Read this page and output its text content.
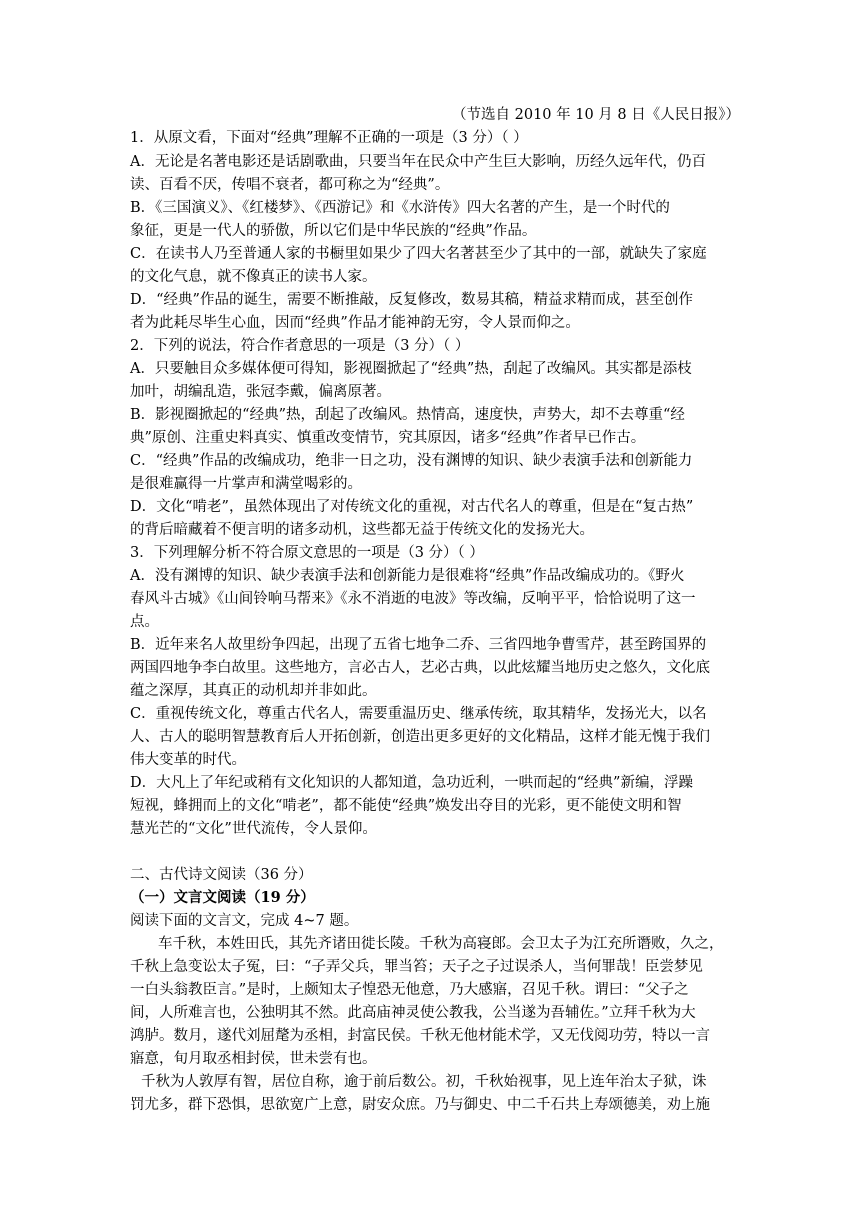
（节选自 2010 年 10 月 8 日《人民日报》）
1．从原文看，下面对“经典”理解不正确的一项是（3 分）（ ）
A．无论是名著电影还是话剧歌曲，只要当年在民众中产生巨大影响，历经久远年代，仍百
读、百看不厌，传唱不衰者，都可称之为“经典”。
B．《三国演义》、《红楼梦》、《西游记》和《水浒传》四大名著的产生，是一个时代的
象征，更是一代人的骄傲，所以它们是中华民族的“经典”作品。
C．在读书人乃至普通人家的书橱里如果少了四大名著甚至少了其中的一部，就缺失了家庭
的文化气息，就不像真正的读书人家。
D．“经典”作品的诞生，需要不断推敲，反复修改，数易其稿，精益求精而成，甚至创作
者为此耗尽毕生心血，因而“经典”作品才能神韵无穷，令人景而仰之。
2．下列的说法，符合作者意思的一项是（3 分）（ ）
A．只要触目众多媒体便可得知，影视圈掀起了“经典”热，刮起了改编风。其实都是添枝
加叶，胡编乱造，张冠李戴，偏离原著。
B．影视圈掀起的“经典”热，刮起了改编风。热情高，速度快，声势大，却不去尊重“经
典”原创、注重史料真实、慎重改变情节，究其原因，诸多“经典”作者早已作古。
C．“经典”作品的改编成功，绝非一日之功，没有渊博的知识、缺少表演手法和创新能力
是很难赢得一片掌声和满堂喝彩的。
D．文化“啃老”，虽然体现出了对传统文化的重视，对古代名人的尊重，但是在“复古热”
的背后暗藏着不便言明的诸多动机，这些都无益于传统文化的发扬光大。
3．下列理解分析不符合原文意思的一项是（3 分）（ ）
A．没有渊博的知识、缺少表演手法和创新能力是很难将“经典”作品改编成功的。《野火
春风斗古城》《山间铃响马帮来》《永不消逝的电波》等改编，反响平平，恰恰说明了这一
点。
B．近年来名人故里纷争四起，出现了五省七地争二乔、三省四地争曹雪芹，甚至跨国界的
两国四地争李白故里。这些地方，言必古人，艺必古典，以此炫耀当地历史之悠久，文化底
蕴之深厚，其真正的动机却并非如此。
C．重视传统文化，尊重古代名人，需要重温历史、继承传统，取其精华，发扬光大，以名
人、古人的聪明智慧教育后人开拓创新，创造出更多更好的文化精品，这样才能无愧于我们
伟大变革的时代。
D．大凡上了年纪或稍有文化知识的人都知道，急功近利，一哄而起的“经典”新编，浮躁
短视，蜂拥而上的文化“啃老”，都不能使“经典”焕发出夺目的光彩，更不能使文明和智
慧光芒的“文化”世代流传，令人景仰。
二、古代诗文阅读（36 分）
（一）文言文阅读（19 分）
阅读下面的文言文，完成 4~7 题。
车千秋，本姓田氏，其先齐诸田徙长陵。千秋为高寝郎。会卫太子为江充所谮败，久之，
千秋上急变讼太子冤，曰：“子弄父兵，罪当笞；天子之子过误杀人，当何罪哉！臣尝梦见
一白头翁教臣言。”是时，上颇知太子惶恐无他意，乃大感寤，召见千秋。谓曰：“父子之
间，人所难言也，公独明其不然。此高庙神灵使公教我，公当遂为吾辅佐。”立拜千秋为大
鸿胪。数月，遂代刘屈氂为丞相，封富民侯。千秋无他材能术学，又无伐阅功劳，特以一言
寤意，旬月取丞相封侯，世未尝有也。
千秋为人敦厚有智，居位自称，逾于前后数公。初，千秋始视事，见上连年治太子狱，诛
罚尤多，群下恐惧，思欲宽广上意，尉安众庶。乃与御史、中二千石共上寿颂德美，劝上施
